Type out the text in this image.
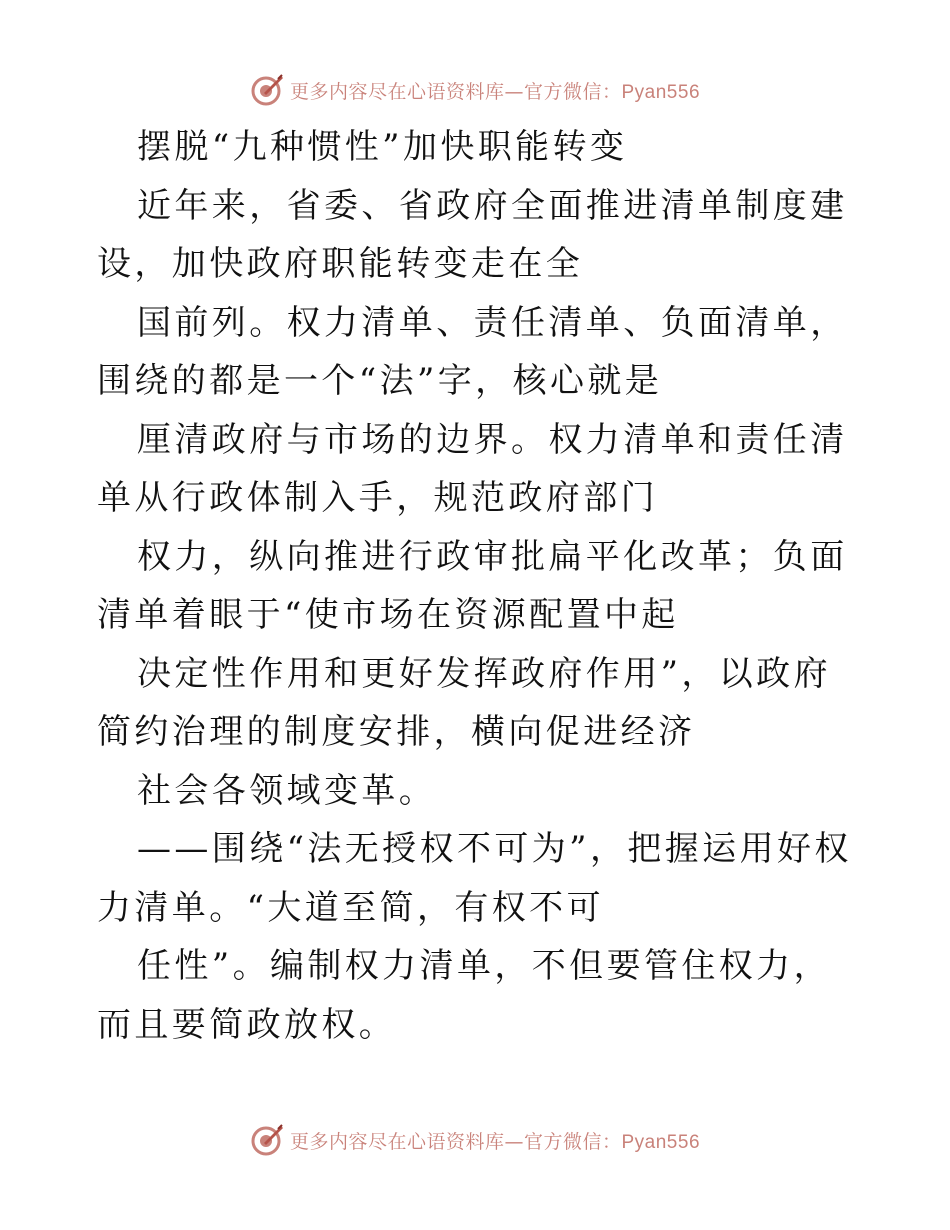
更多内容尽在心语资料库—官方微信：Pyan556

摆脱“九种惯性”加快职能转变

近年来，省委、省政府全面推进清单制度建设，加快政府职能转变走在全

国前列。权力清单、责任清单、负面清单，围绕的都是一个“法”字，核心就是

厘清政府与市场的边界。权力清单和责任清单从行政体制入手，规范政府部门

权力，纵向推进行政审批扁平化改革；负面清单着眼于“使市场在资源配置中起

决定性作用和更好发挥政府作用”，以政府简约治理的制度安排，横向促进经济

社会各领域变革。

——围绕“法无授权不可为”，把握运用好权力清单。“大道至简，有权不可

任性”。编制权力清单，不但要管住权力，而且要简政放权。

更多内容尽在心语资料库—官方微信：Pyan556
